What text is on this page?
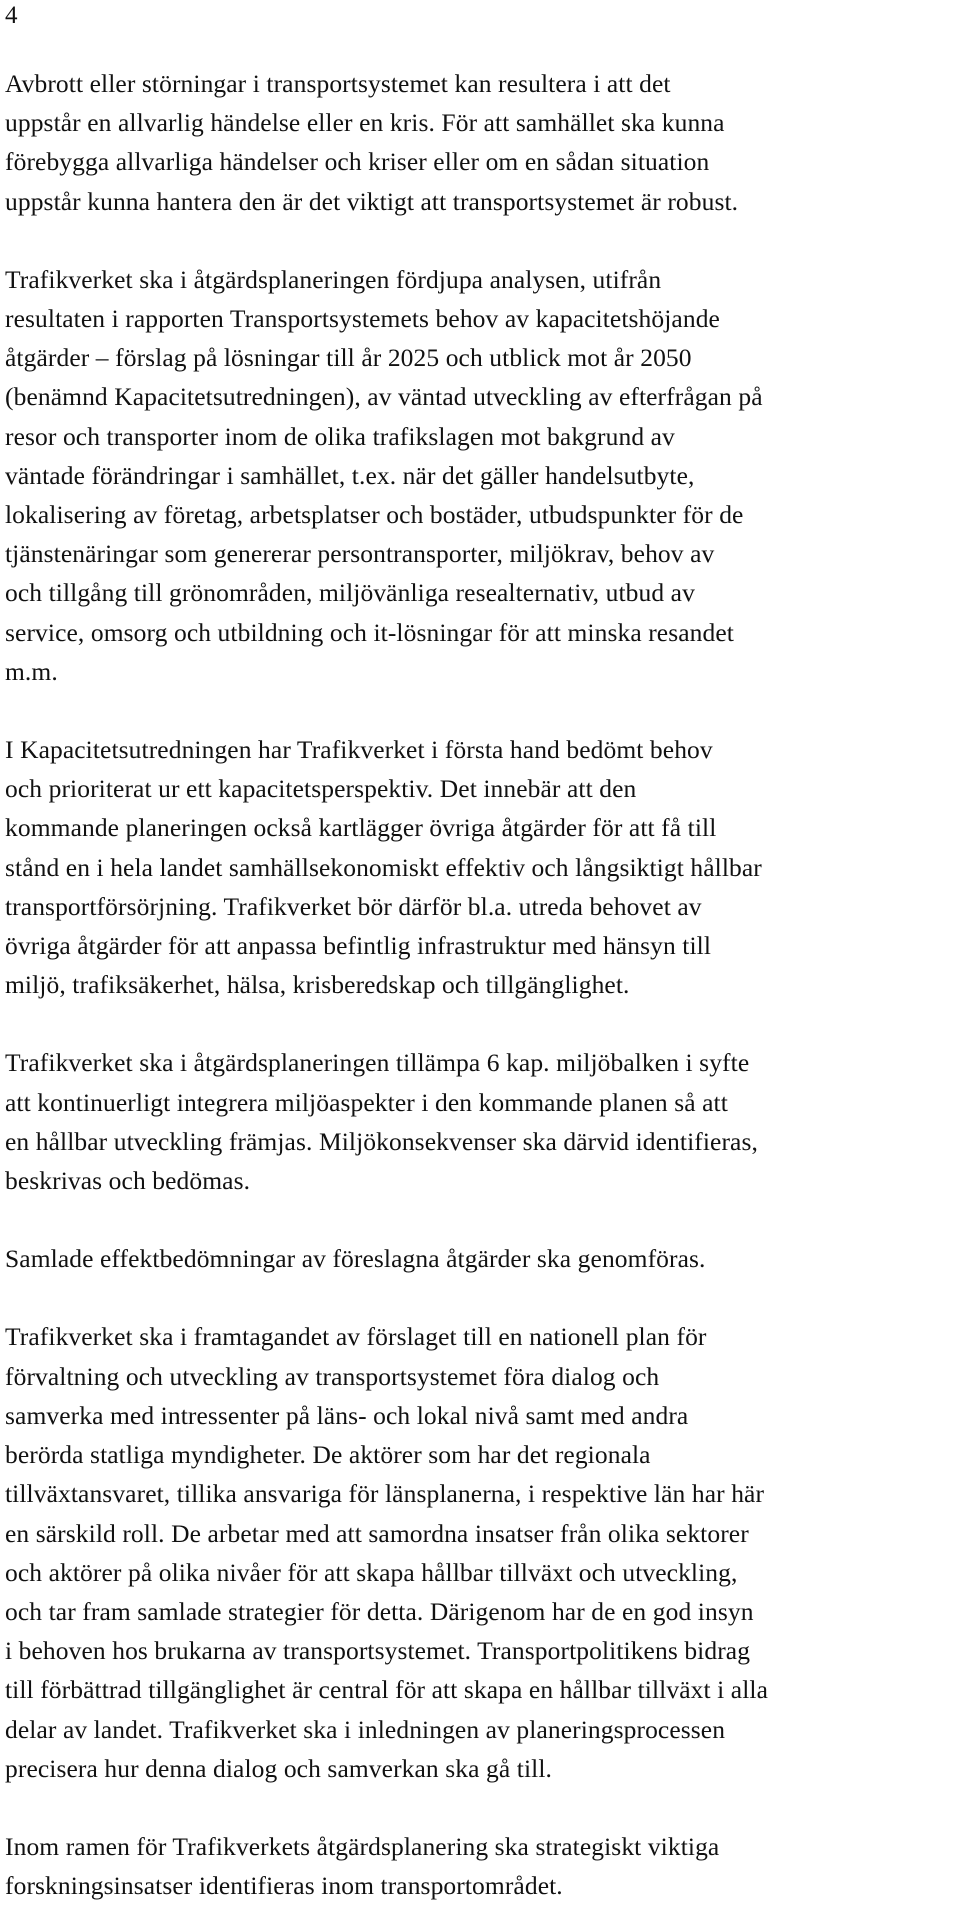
4

Avbrott eller störningar i transportsystemet kan resultera i att det
uppstår en allvarlig händelse eller en kris. För att samhället ska kunna
förebygga allvarliga händelser och kriser eller om en sådan situation
uppstår kunna hantera den är det viktigt att transportsystemet är robust.

Trafikverket ska i åtgärdsplaneringen fördjupa analysen, utifrån
resultaten i rapporten Transportsystemets behov av kapacitetshöjande
åtgärder – förslag på lösningar till år 2025 och utblick mot år 2050
(benämnd Kapacitetsutredningen), av väntad utveckling av efterfrågan på
resor och transporter inom de olika trafikslagen mot bakgrund av
väntade förändringar i samhället, t.ex. när det gäller handelsutbyte,
lokalisering av företag, arbetsplatser och bostäder, utbudspunkter för de
tjänstenäringar som genererar persontransporter, miljökrav, behov av
och tillgång till grönområden, miljövänliga resealternativ, utbud av
service, omsorg och utbildning och it-lösningar för att minska resandet
m.m.

I Kapacitetsutredningen har Trafikverket i första hand bedömt behov
och prioriterat ur ett kapacitetsperspektiv. Det innebär att den
kommande planeringen också kartlägger övriga åtgärder för att få till
stånd en i hela landet samhällsekonomiskt effektiv och långsiktigt hållbar
transportförsörjning. Trafikverket bör därför bl.a. utreda behovet av
övriga åtgärder för att anpassa befintlig infrastruktur med hänsyn till
miljö, trafiksäkerhet, hälsa, krisberedskap och tillgänglighet.

Trafikverket ska i åtgärdsplaneringen tillämpa 6 kap. miljöbalken i syfte
att kontinuerligt integrera miljöaspekter i den kommande planen så att
en hållbar utveckling främjas. Miljökonsekvenser ska därvid identifieras,
beskrivas och bedömas.

Samlade effektbedömningar av föreslagna åtgärder ska genomföras.

Trafikverket ska i framtagandet av förslaget till en nationell plan för
förvaltning och utveckling av transportsystemet föra dialog och
samverka med intressenter på läns- och lokal nivå samt med andra
berörda statliga myndigheter. De aktörer som har det regionala
tillväxtansvaret, tillika ansvariga för länsplanerna, i respektive län har här
en särskild roll. De arbetar med att samordna insatser från olika sektorer
och aktörer på olika nivåer för att skapa hållbar tillväxt och utveckling,
och tar fram samlade strategier för detta. Därigenom har de en god insyn
i behoven hos brukarna av transportsystemet. Transportpolitikens bidrag
till förbättrad tillgänglighet är central för att skapa en hållbar tillväxt i alla
delar av landet. Trafikverket ska i inledningen av planeringsprocessen
precisera hur denna dialog och samverkan ska gå till.

Inom ramen för Trafikverkets åtgärdsplanering ska strategiskt viktiga
forskningsinsatser identifieras inom transportområdet.
